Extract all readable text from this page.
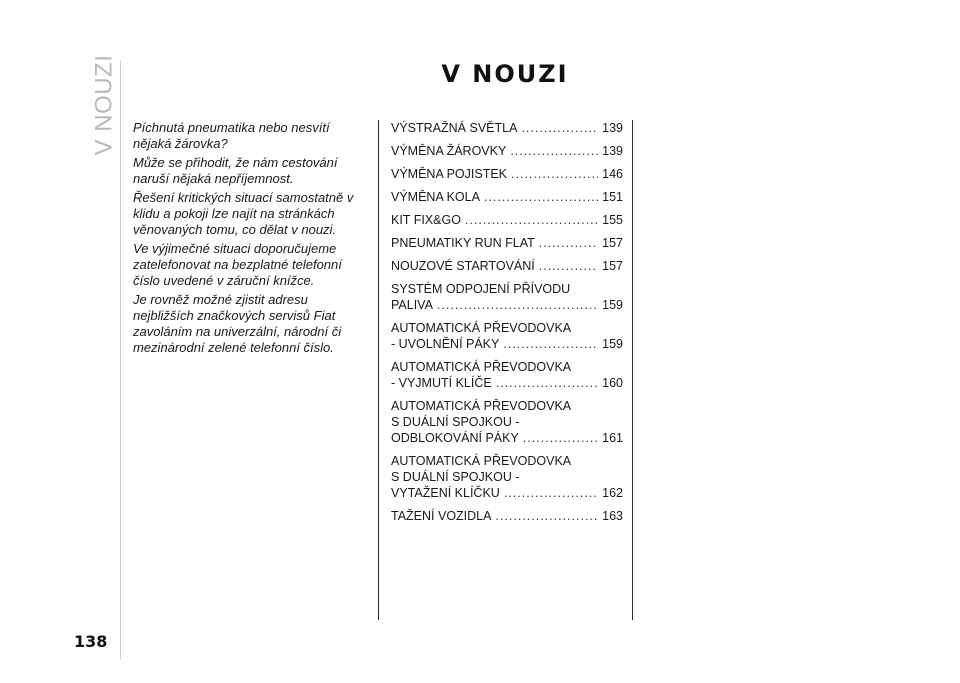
V NOUZI	V NOUZI

Píchnutá pneumatika nebo nesvítí nějaká žárovka?

Může se přihodit, že nám cestování naruší nějaká nepříjemnost.

Řešení kritických situací samostatně v klidu a pokoji lze najít na stránkách věnovaných tomu, co dělat v nouzi.

Ve výjimečné situaci doporučujeme zatelefonovat na bezplatné telefonní číslo uvedené v záruční knížce.

Je rovněž možné zjistit adresu nejbližších značkových servisů Fiat zavoláním na univerzální, národní či mezinárodní zelené telefonní číslo.

VÝSTRAŽNÁ SVĚTLA .....	139
VÝMĚNA ŽÁROVKY .....	139
VÝMĚNA POJISTEK .....	146
VÝMĚNA KOLA .....	151
KIT FIX&GO .....	155
PNEUMATIKY RUN FLAT .....	157
NOUZOVÉ STARTOVÁNÍ .....	157
SYSTÉM ODPOJENÍ PŘÍVODU
PALIVA .....	159
AUTOMATICKÁ PŘEVODOVKA
- UVOLNĚNÍ PÁKY .....	159
AUTOMATICKÁ PŘEVODOVKA
- VYJMUTÍ KLÍČE .....	160
AUTOMATICKÁ PŘEVODOVKA
S DUÁLNÍ SPOJKOU -
ODBLOKOVÁNÍ PÁKY .....	161
AUTOMATICKÁ PŘEVODOVKA
S DUÁLNÍ SPOJKOU -
VYTAŽENÍ KLÍČKU .....	162
TAŽENÍ VOZIDLA .....	163
138
